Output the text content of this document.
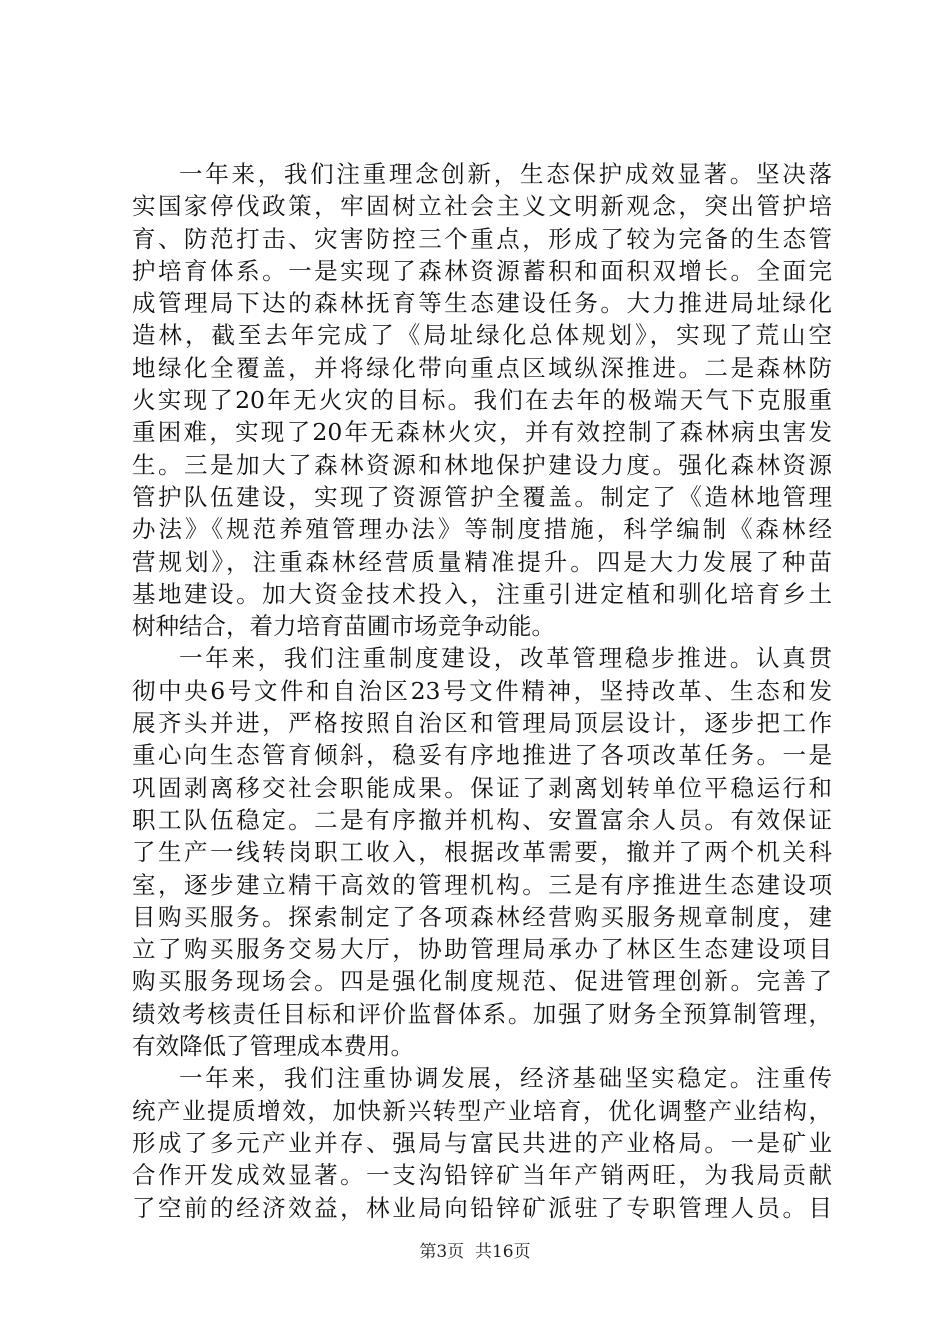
一年来，我们注重理念创新，生态保护成效显著。坚决落
实国家停伐政策，牢固树立社会主义文明新观念，突出管护培
育、防范打击、灾害防控三个重点，形成了较为完备的生态管
护培育体系。一是实现了森林资源蓄积和面积双增长。全面完
成管理局下达的森林抚育等生态建设任务。大力推进局址绿化
造林，截至去年完成了《局址绿化总体规划》，实现了荒山空
地绿化全覆盖，并将绿化带向重点区域纵深推进。二是森林防
火实现了20年无火灾的目标。我们在去年的极端天气下克服重
重困难，实现了20年无森林火灾，并有效控制了森林病虫害发
生。三是加大了森林资源和林地保护建设力度。强化森林资源
管护队伍建设，实现了资源管护全覆盖。制定了《造林地管理
办法》《规范养殖管理办法》等制度措施，科学编制《森林经
营规划》，注重森林经营质量精准提升。四是大力发展了种苗
基地建设。加大资金技术投入，注重引进定植和驯化培育乡土
树种结合，着力培育苗圃市场竞争动能。
一年来，我们注重制度建设，改革管理稳步推进。认真贯
彻中央6号文件和自治区23号文件精神，坚持改革、生态和发
展齐头并进，严格按照自治区和管理局顶层设计，逐步把工作
重心向生态管育倾斜，稳妥有序地推进了各项改革任务。一是
巩固剥离移交社会职能成果。保证了剥离划转单位平稳运行和
职工队伍稳定。二是有序撤并机构、安置富余人员。有效保证
了生产一线转岗职工收入，根据改革需要，撤并了两个机关科
室，逐步建立精干高效的管理机构。三是有序推进生态建设项
目购买服务。探索制定了各项森林经营购买服务规章制度，建
立了购买服务交易大厅，协助管理局承办了林区生态建设项目
购买服务现场会。四是强化制度规范、促进管理创新。完善了
绩效考核责任目标和评价监督体系。加强了财务全预算制管理，
有效降低了管理成本费用。
一年来，我们注重协调发展，经济基础坚实稳定。注重传
统产业提质增效，加快新兴转型产业培育，优化调整产业结构，
形成了多元产业并存、强局与富民共进的产业格局。一是矿业
合作开发成效显著。一支沟铅锌矿当年产销两旺，为我局贡献
了空前的经济效益，林业局向铅锌矿派驻了专职管理人员。目
第3页  共16页
